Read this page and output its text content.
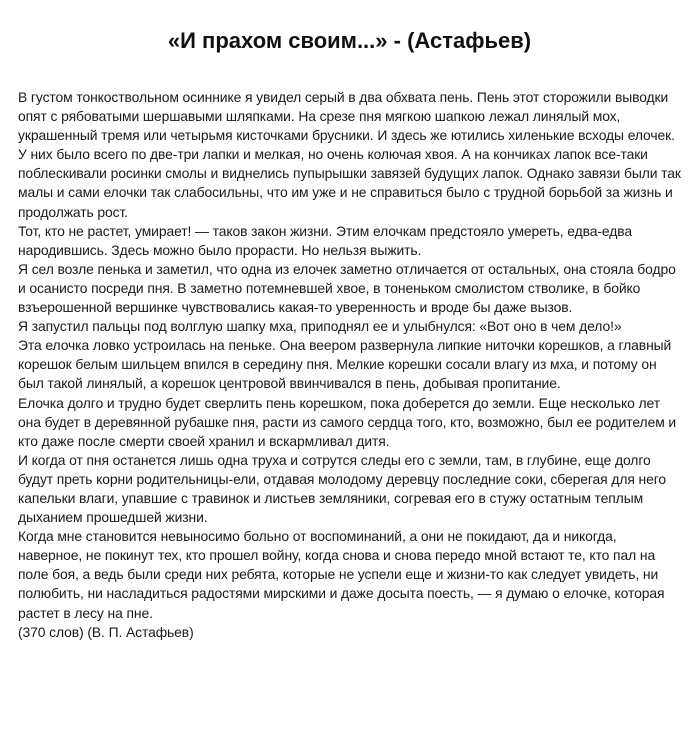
«И прахом своим...» - (Астафьев)

В густом тонкоствольном осиннике я увидел серый в два обхвата пень. Пень этот сторожили выводки опят с рябоватыми шершавыми шляпками. На срезе пня мягкою шапкою лежал линялый мох, украшенный тремя или четырьмя кисточками брусники. И здесь же ютились хиленькие всходы елочек. У них было всего по две-три лапки и мелкая, но очень колючая хвоя. А на кончиках лапок все-таки поблескивали росинки смолы и виднелись пупырышки завязей будущих лапок. Однако завязи были так малы и сами елочки так слабосильны, что им уже и не справиться было с трудной борьбой за жизнь и продолжать рост.

Тот, кто не растет, умирает! — таков закон жизни. Этим елочкам предстояло умереть, едва-едва народившись. Здесь можно было прорасти. Но нельзя выжить.

Я сел возле пенька и заметил, что одна из елочек заметно отличается от остальных, она стояла бодро и осанисто посреди пня. В заметно потемневшей хвое, в тоненьком смолистом стволике, в бойко взъерошенной вершинке чувствовались какая-то уверенность и вроде бы даже вызов.

Я запустил пальцы под волглую шапку мха, приподнял ее и улыбнулся: «Вот оно в чем дело!»

Эта елочка ловко устроилась на пеньке. Она веером развернула липкие ниточки корешков, а главный корешок белым шильцем впился в середину пня. Мелкие корешки сосали влагу из мха, и потому он был такой линялый, а корешок центровой ввинчивался в пень, добывая пропитание.

Елочка долго и трудно будет сверлить пень корешком, пока доберется до земли. Еще несколько лет она будет в деревянной рубашке пня, расти из самого сердца того, кто, возможно, был ее родителем и кто даже после смерти своей хранил и вскармливал дитя.

И когда от пня останется лишь одна труха и сотрутся следы его с земли, там, в глубине, еще долго будут преть корни родительницы-ели, отдавая молодому деревцу последние соки, сберегая для него капельки влаги, упавшие с травинок и листьев земляники, согревая его в стужу остатным теплым дыханием прошедшей жизни.

Когда мне становится невыносимо больно от воспоминаний, а они не покидают, да и никогда, наверное, не покинут тех, кто прошел войну, когда снова и снова передо мной встают те, кто пал на поле боя, а ведь были среди них ребята, которые не успели еще и жизни-то как следует увидеть, ни полюбить, ни насладиться радостями мирскими и даже досыта поесть, — я думаю о елочке, которая растет в лесу на пне.

(370 слов) (В. П. Астафьев)
